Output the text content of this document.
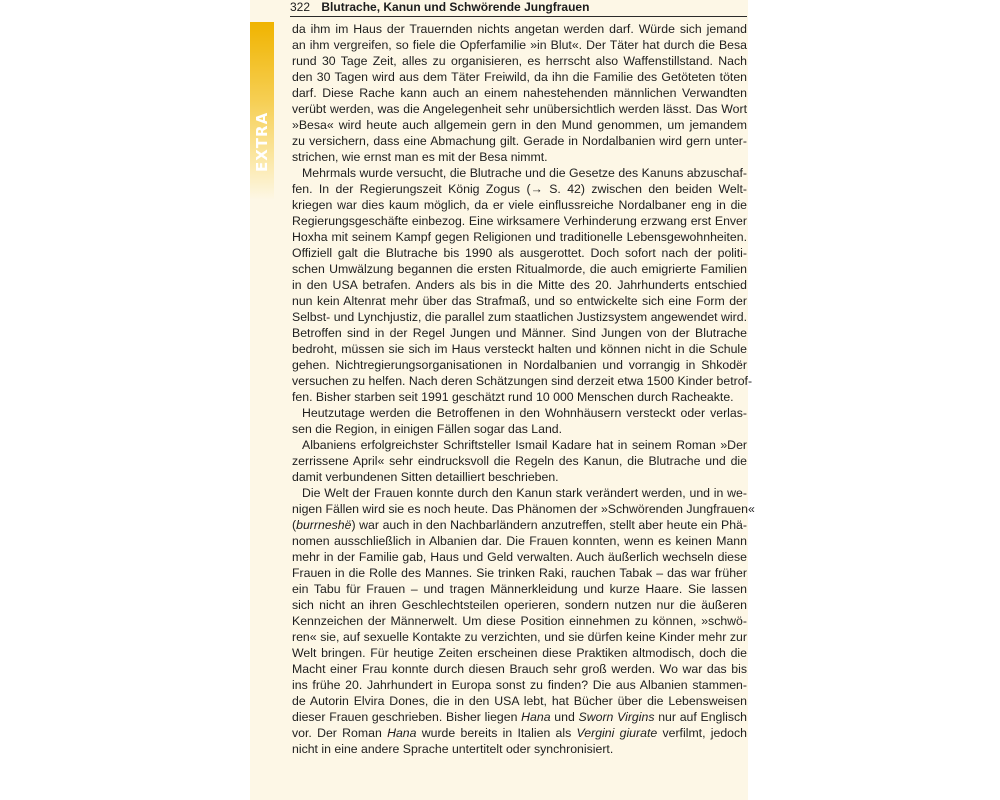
EXTRA
322 Blutrache, Kanun und Schwörende Jungfrauen
da ihm im Haus der Trauernden nichts angetan werden darf. Würde sich jemand
an ihm vergreifen, so fiele die Opferfamilie »in Blut«. Der Täter hat durch die Besa
rund 30 Tage Zeit, alles zu organisieren, es herrscht also Waffenstillstand. Nach
den 30 Tagen wird aus dem Täter Freiwild, da ihn die Familie des Getöteten töten
darf. Diese Rache kann auch an einem nahestehenden männlichen Verwandten
verübt werden, was die Angelegenheit sehr unübersichtlich werden lässt. Das Wort
»Besa« wird heute auch allgemein gern in den Mund genommen, um jemandem
zu versichern, dass eine Abmachung gilt. Gerade in Nordalbanien wird gern unter-
strichen, wie ernst man es mit der Besa nimmt.
Mehrmals wurde versucht, die Blutrache und die Gesetze des Kanuns abzuschaf-
fen. In der Regierungszeit König Zogus (→ S. 42) zwischen den beiden Welt-
kriegen war dies kaum möglich, da er viele einflussreiche Nordalbaner eng in die
Regierungsgeschäfte einbezog. Eine wirksamere Verhinderung erzwang erst Enver
Hoxha mit seinem Kampf gegen Religionen und traditionelle Lebensgewohnheiten.
Offiziell galt die Blutrache bis 1990 als ausgerottet. Doch sofort nach der politi-
schen Umwälzung begannen die ersten Ritualmorde, die auch emigrierte Familien
in den USA betrafen. Anders als bis in die Mitte des 20. Jahrhunderts entschied
nun kein Altenrat mehr über das Strafmaß, und so entwickelte sich eine Form der
Selbst- und Lynchjustiz, die parallel zum staatlichen Justizsystem angewendet wird.
Betroffen sind in der Regel Jungen und Männer. Sind Jungen von der Blutrache
bedroht, müssen sie sich im Haus versteckt halten und können nicht in die Schule
gehen. Nichtregierungsorganisationen in Nordalbanien und vorrangig in Shkodër
versuchen zu helfen. Nach deren Schätzungen sind derzeit etwa 1500 Kinder betrof-
fen. Bisher starben seit 1991 geschätzt rund 10 000 Menschen durch Racheakte.
Heutzutage werden die Betroffenen in den Wohnhäusern versteckt oder verlas-
sen die Region, in einigen Fällen sogar das Land.
Albaniens erfolgreichster Schriftsteller Ismail Kadare hat in seinem Roman »Der
zerrissene April« sehr eindrucksvoll die Regeln des Kanun, die Blutrache und die
damit verbundenen Sitten detailliert beschrieben.
Die Welt der Frauen konnte durch den Kanun stark verändert werden, und in we-
nigen Fällen wird sie es noch heute. Das Phänomen der »Schwörenden Jungfrauen«
(burrneshë) war auch in den Nachbarländern anzutreffen, stellt aber heute ein Phä-
nomen ausschließlich in Albanien dar. Die Frauen konnten, wenn es keinen Mann
mehr in der Familie gab, Haus und Geld verwalten. Auch äußerlich wechseln diese
Frauen in die Rolle des Mannes. Sie trinken Raki, rauchen Tabak – das war früher
ein Tabu für Frauen – und tragen Männerkleidung und kurze Haare. Sie lassen
sich nicht an ihren Geschlechtsteilen operieren, sondern nutzen nur die äußeren
Kennzeichen der Männerwelt. Um diese Position einnehmen zu können, »schwö-
ren« sie, auf sexuelle Kontakte zu verzichten, und sie dürfen keine Kinder mehr zur
Welt bringen. Für heutige Zeiten erscheinen diese Praktiken altmodisch, doch die
Macht einer Frau konnte durch diesen Brauch sehr groß werden. Wo war das bis
ins frühe 20. Jahrhundert in Europa sonst zu finden? Die aus Albanien stammen-
de Autorin Elvira Dones, die in den USA lebt, hat Bücher über die Lebensweisen
dieser Frauen geschrieben. Bisher liegen Hana und Sworn Virgins nur auf Englisch
vor. Der Roman Hana wurde bereits in Italien als Vergini giurate verfilmt, jedoch
nicht in eine andere Sprache untertitelt oder synchronisiert.
